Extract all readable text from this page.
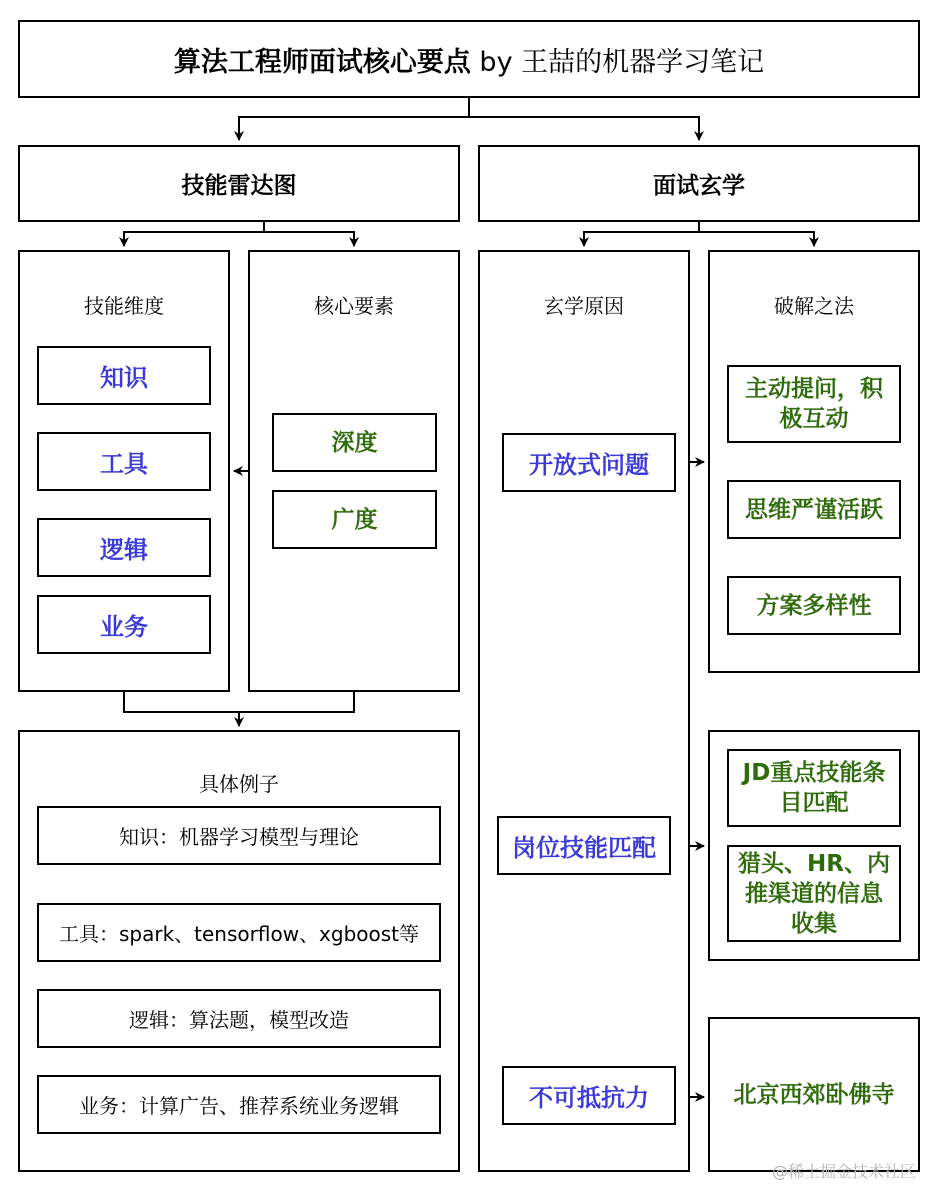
算法工程师面试核心要点 by 王喆的机器学习笔记
技能雷达图	面试玄学
技能维度
知识
工具
逻辑
业务
核心要素
深度
广度
具体例子
知识：机器学习模型与理论
工具：spark、tensorflow、xgboost等
逻辑：算法题，模型改造
业务：计算广告、推荐系统业务逻辑
玄学原因
开放式问题
岗位技能匹配
不可抵抗力
破解之法
主动提问，积极互动
思维严谨活跃
方案多样性
JD重点技能条目匹配
猎头、HR、内推渠道的信息收集
北京西郊卧佛寺
@稀土掘金技术社区
